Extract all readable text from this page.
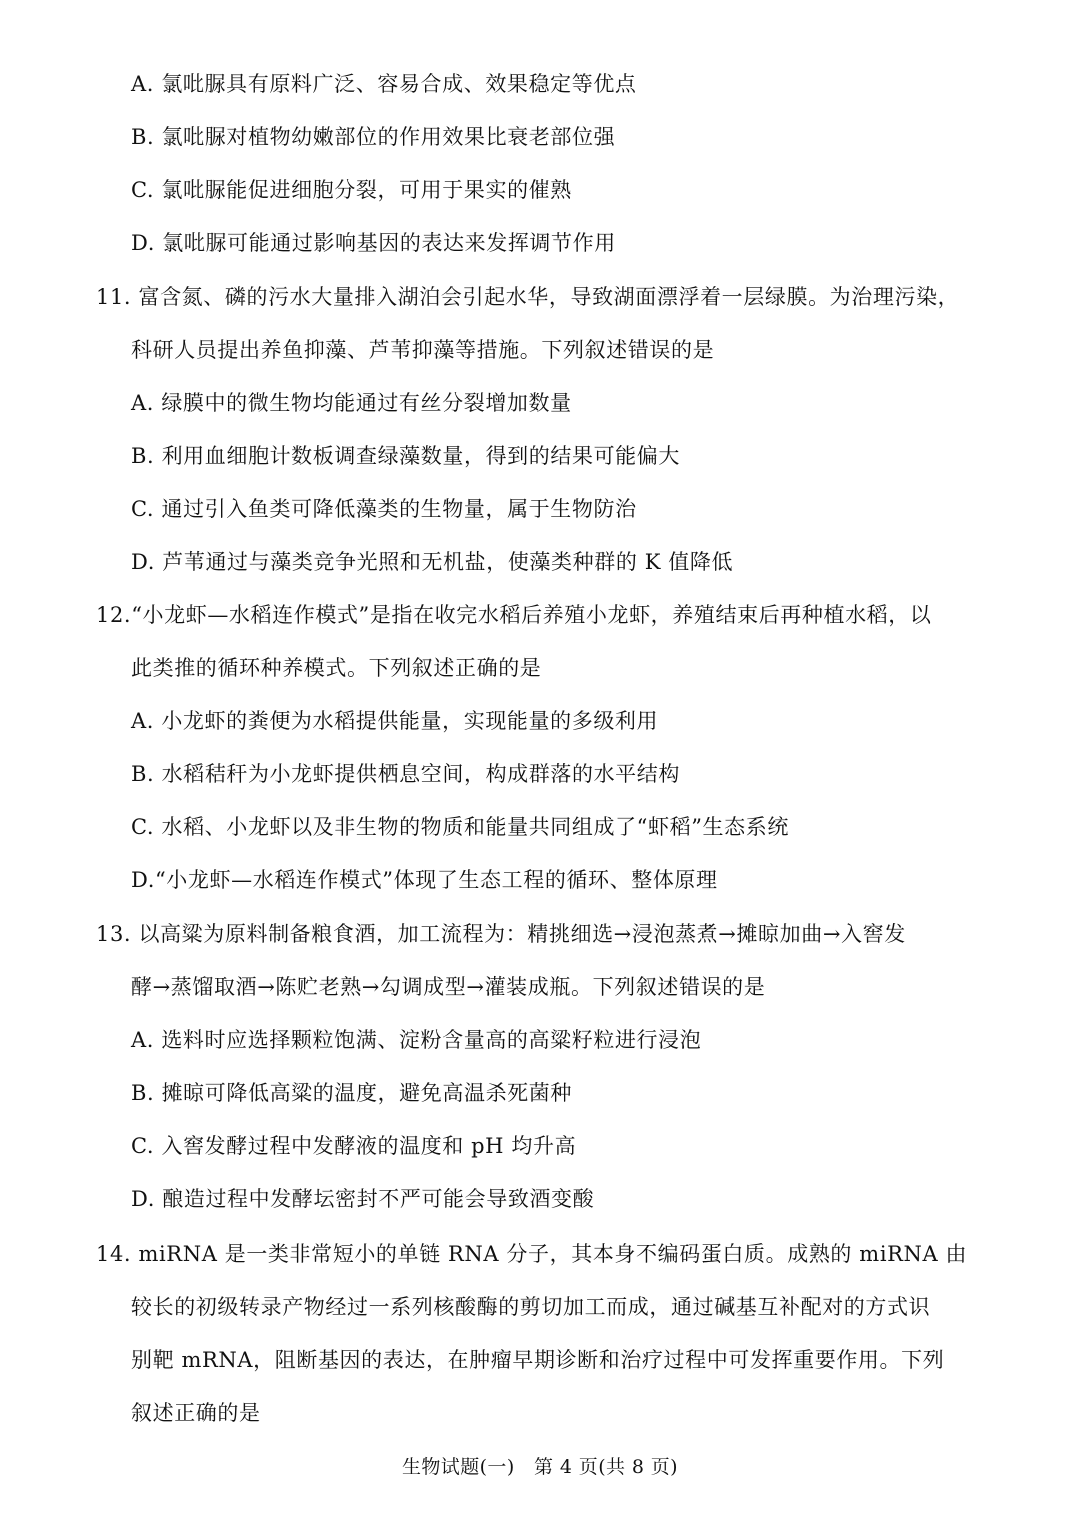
A. 氯吡脲具有原料广泛、容易合成、效果稳定等优点
B. 氯吡脲对植物幼嫩部位的作用效果比衰老部位强
C. 氯吡脲能促进细胞分裂，可用于果实的催熟
D. 氯吡脲可能通过影响基因的表达来发挥调节作用
11. 富含氮、磷的污水大量排入湖泊会引起水华，导致湖面漂浮着一层绿膜。为治理污染，
科研人员提出养鱼抑藻、芦苇抑藻等措施。下列叙述错误的是
A. 绿膜中的微生物均能通过有丝分裂增加数量
B. 利用血细胞计数板调查绿藻数量，得到的结果可能偏大
C. 通过引入鱼类可降低藻类的生物量，属于生物防治
D. 芦苇通过与藻类竞争光照和无机盐，使藻类种群的 K 值降低
12.“小龙虾—水稻连作模式”是指在收完水稻后养殖小龙虾，养殖结束后再种植水稻，以
此类推的循环种养模式。下列叙述正确的是
A. 小龙虾的粪便为水稻提供能量，实现能量的多级利用
B. 水稻秸秆为小龙虾提供栖息空间，构成群落的水平结构
C. 水稻、小龙虾以及非生物的物质和能量共同组成了“虾稻”生态系统
D.“小龙虾—水稻连作模式”体现了生态工程的循环、整体原理
13. 以高粱为原料制备粮食酒，加工流程为：精挑细选→浸泡蒸煮→摊晾加曲→入窖发
酵→蒸馏取酒→陈贮老熟→勾调成型→灌装成瓶。下列叙述错误的是
A. 选料时应选择颗粒饱满、淀粉含量高的高粱籽粒进行浸泡
B. 摊晾可降低高粱的温度，避免高温杀死菌种
C. 入窖发酵过程中发酵液的温度和 pH 均升高
D. 酿造过程中发酵坛密封不严可能会导致酒变酸
14. miRNA 是一类非常短小的单链 RNA 分子，其本身不编码蛋白质。成熟的 miRNA 由
较长的初级转录产物经过一系列核酸酶的剪切加工而成，通过碱基互补配对的方式识
别靶 mRNA，阻断基因的表达，在肿瘤早期诊断和治疗过程中可发挥重要作用。下列
叙述正确的是
生物试题(一)　第 4 页(共 8 页)
